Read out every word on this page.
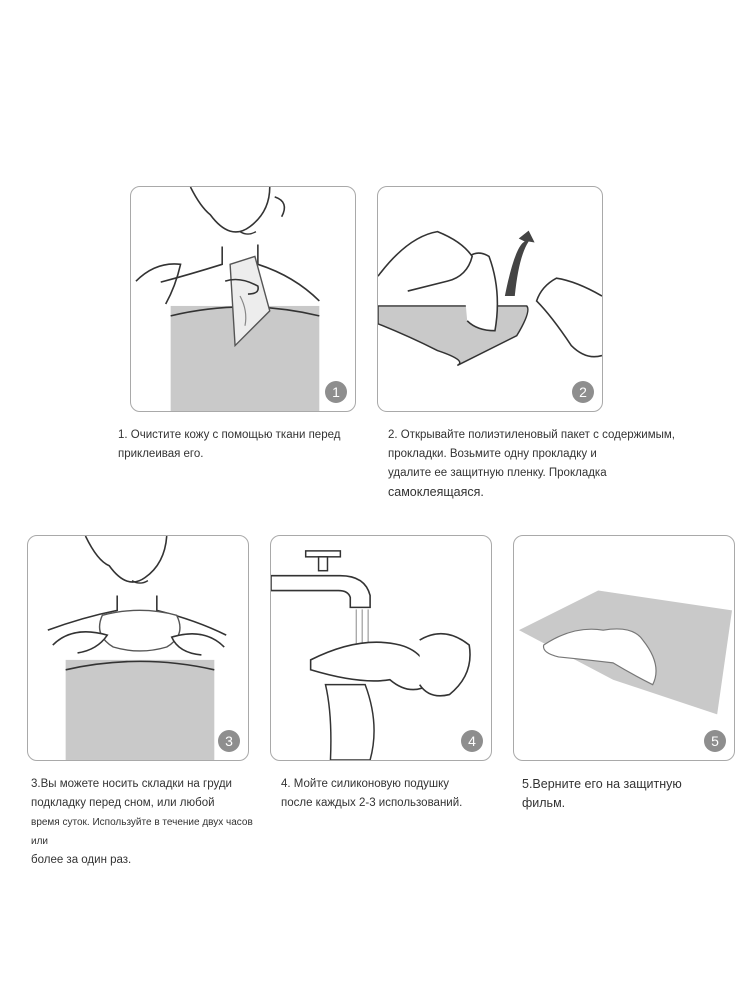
1	2
3	4	5

1. Очистите кожу с помощью ткани перед
приклеивая его.

2. Открывайте полиэтиленовый пакет с содержимым,
прокладки. Возьмите одну прокладку и
удалите ее защитную пленку. Прокладка
самоклеящаяся.

3.Вы можете носить складки на груди
подкладку перед сном, или любой
время суток. Используйте в течение двух часов или
более за один раз.

4. Мойте силиконовую подушку
после каждых 2-3 использований.

5.Верните его на защитную
фильм.
